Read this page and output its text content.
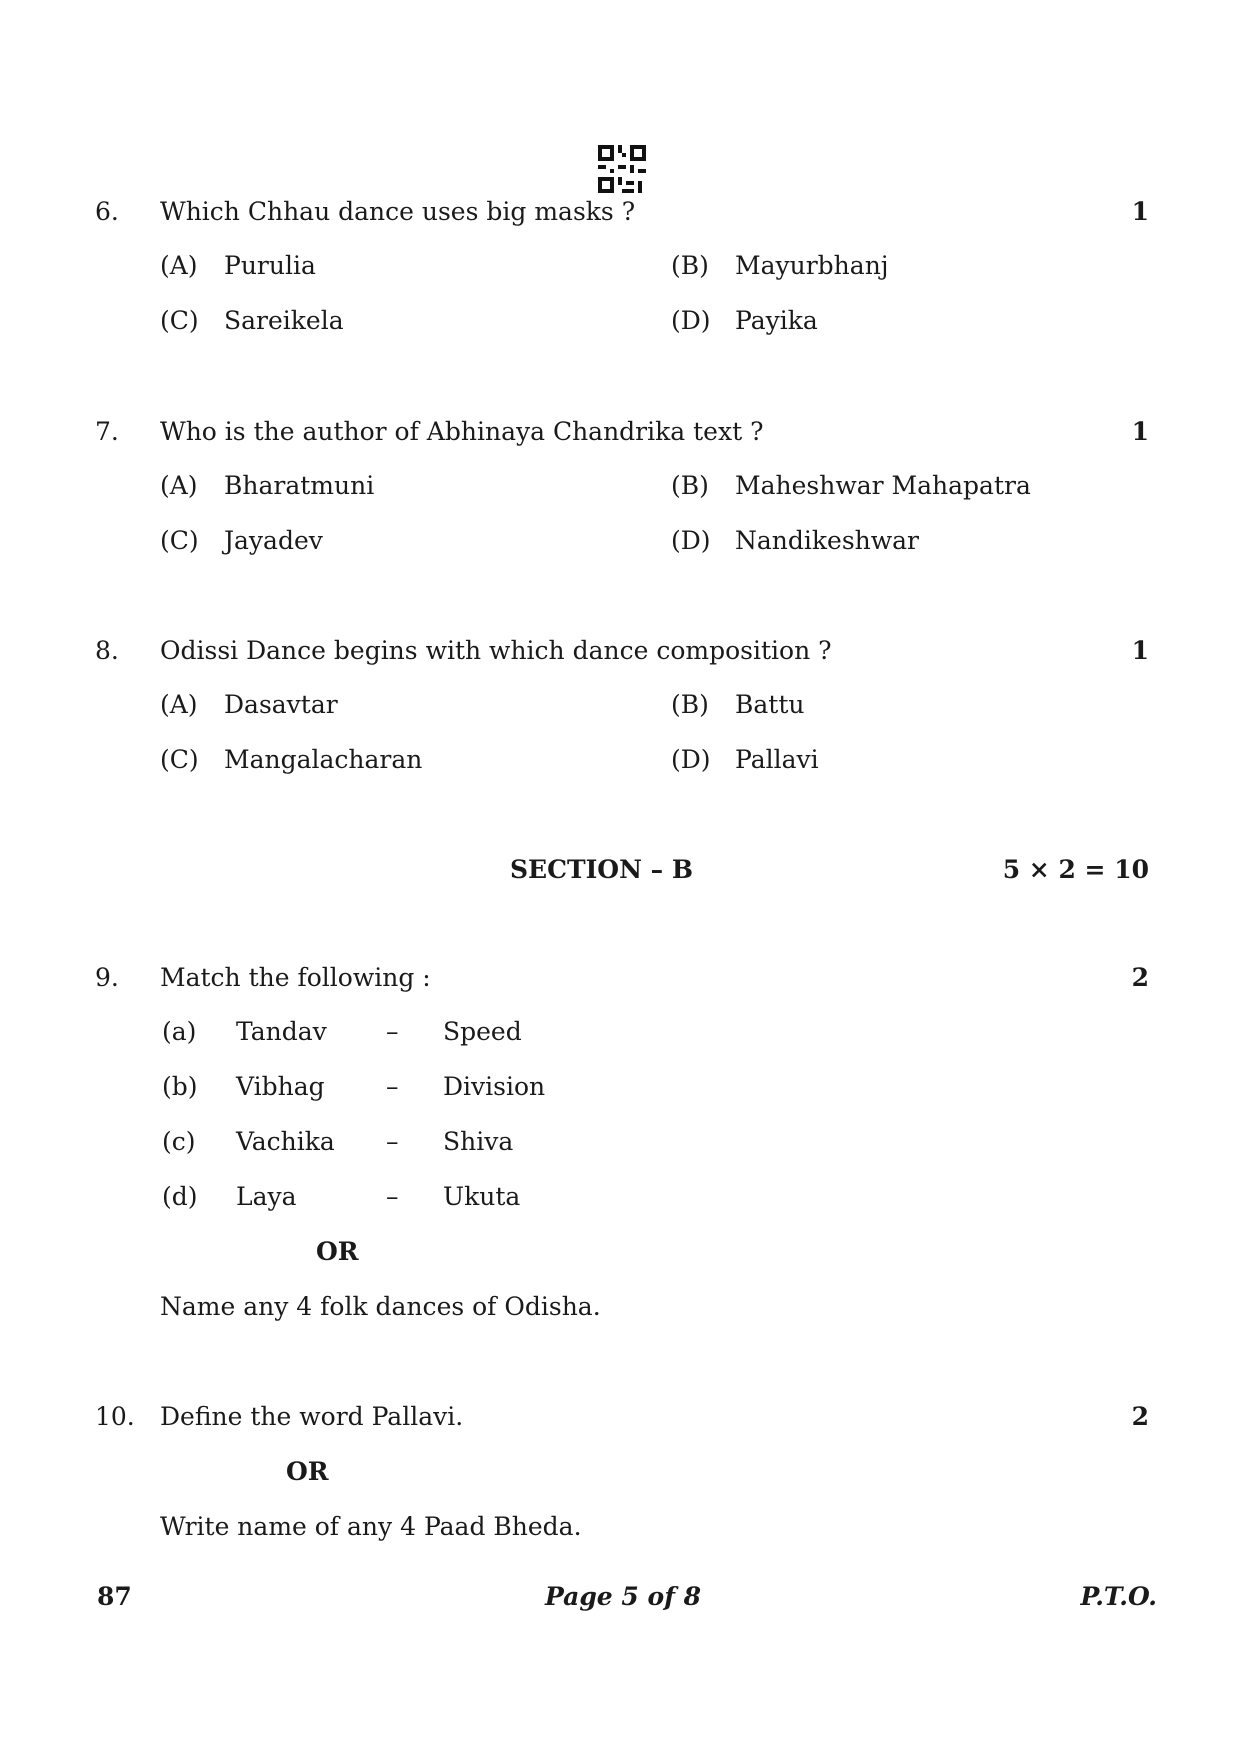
6. Which Chhau dance uses big masks ?	1
(A) Purulia	(B) Mayurbhanj
(C) Sareikela	(D) Payika
7. Who is the author of Abhinaya Chandrika text ?	1
(A) Bharatmuni	(B) Maheshwar Mahapatra
(C) Jayadev	(D) Nandikeshwar
8. Odissi Dance begins with which dance composition ?	1
(A) Dasavtar	(B) Battu
(C) Mangalacharan	(D) Pallavi
SECTION – B	5 × 2 = 10
9. Match the following :	2
(a) Tandav – Speed
(b) Vibhag – Division
(c) Vachika – Shiva
(d) Laya	– Ukuta
OR
Name any 4 folk dances of Odisha.
10. Define the word Pallavi.	2
OR
Write name of any 4 Paad Bheda.
87	Page 5 of 8	P.T.O.
